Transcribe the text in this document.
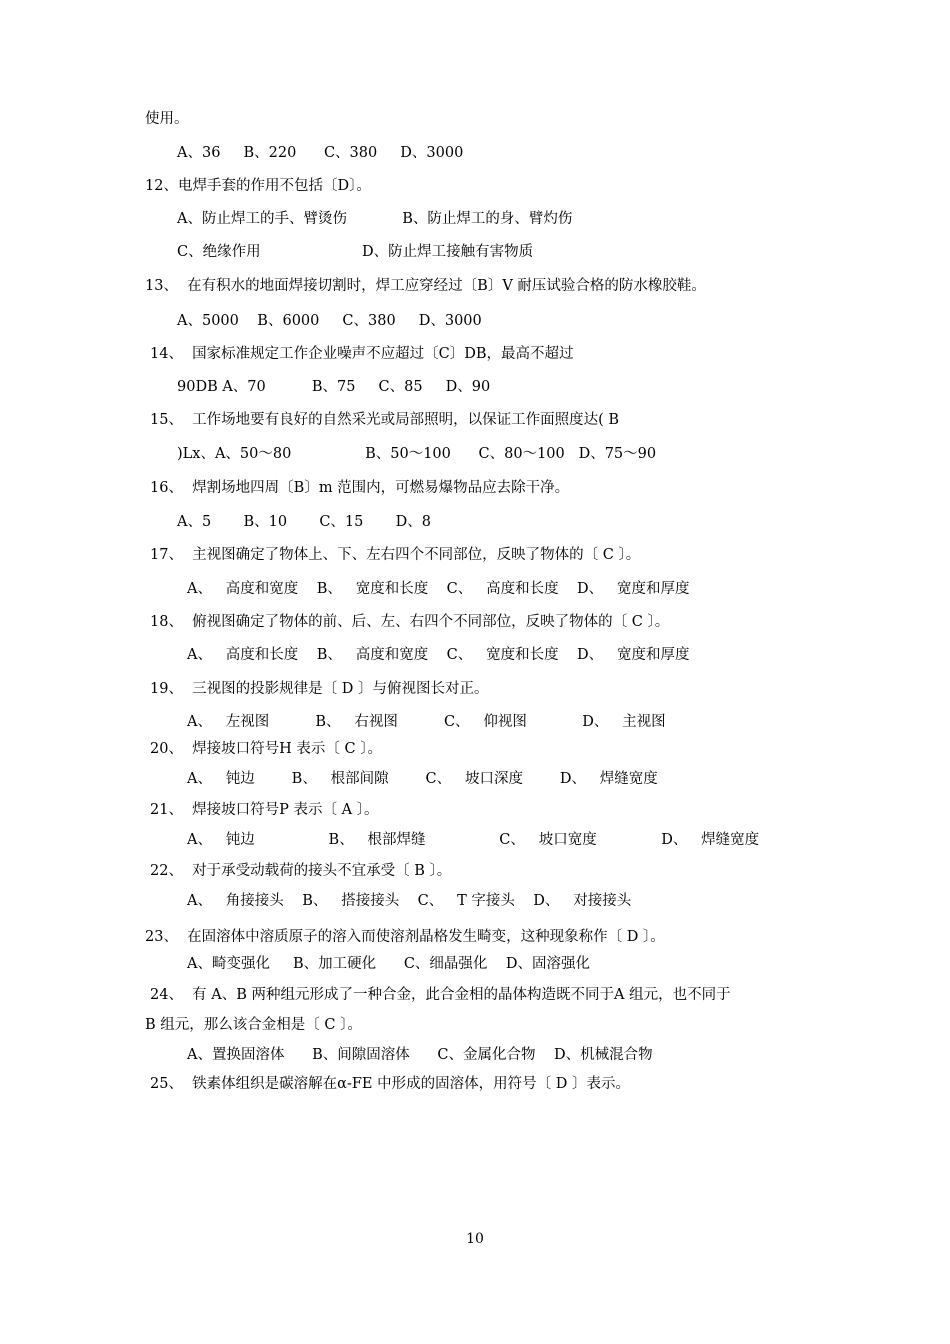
使用。
A、36     B、220      C、380     D、3000
12、电焊手套的作用不包括〔D〕。
A、防止焊工的手、臂烫伤            B、防止焊工的身、臂灼伤
C、绝缘作用                      D、防止焊工接触有害物质
13、  在有积水的地面焊接切割时，焊工应穿经过〔B〕V 耐压试验合格的防水橡胶鞋。
A、5000    B、6000     C、380     D、3000
14、  国家标准规定工作企业噪声不应超过〔C〕DB，最高不超过
90DB A、70          B、75     C、85     D、90
15、  工作场地要有良好的自然采光或局部照明，以保证工作面照度达( B
)Lx、A、50～80                B、50～100      C、80～100   D、75～90
16、  焊割场地四周〔B〕m 范围内，可燃易爆物品应去除干净。
A、5       B、10       C、15       D、8
17、  主视图确定了物体上、下、左右四个不同部位，反映了物体的〔 C 〕。
A、   高度和宽度    B、   宽度和长度    C、   高度和长度    D、   宽度和厚度
18、  俯视图确定了物体的前、后、左、右四个不同部位，反映了物体的〔 C 〕。
A、   高度和长度    B、   高度和宽度    C、   宽度和长度    D、   宽度和厚度
19、  三视图的投影规律是〔 D 〕与俯视图长对正。
A、   左视图          B、   右视图          C、   仰视图            D、   主视图
20、  焊接坡口符号H 表示〔 C 〕。
A、   钝边        B、   根部间隙        C、   坡口深度        D、   焊缝宽度
21、  焊接坡口符号P 表示〔 A 〕。
A、   钝边                B、   根部焊缝                C、   坡口宽度              D、   焊缝宽度
22、  对于承受动载荷的接头不宜承受〔 B 〕。
A、   角接接头    B、   搭接接头    C、   T 字接头    D、   对接接头
23、  在固溶体中溶质原子的溶入而使溶剂晶格发生畸变，这种现象称作〔 D 〕。
A、畸变强化     B、加工硬化      C、细晶强化    D、固溶强化
24、  有 A、B 两种组元形成了一种合金，此合金相的晶体构造既不同于A 组元，也不同于
B 组元，那么该合金相是〔 C 〕。
A、置换固溶体      B、间隙固溶体      C、金属化合物    D、机械混合物
25、  铁素体组织是碳溶解在α-FE 中形成的固溶体，用符号〔 D 〕表示。
10
